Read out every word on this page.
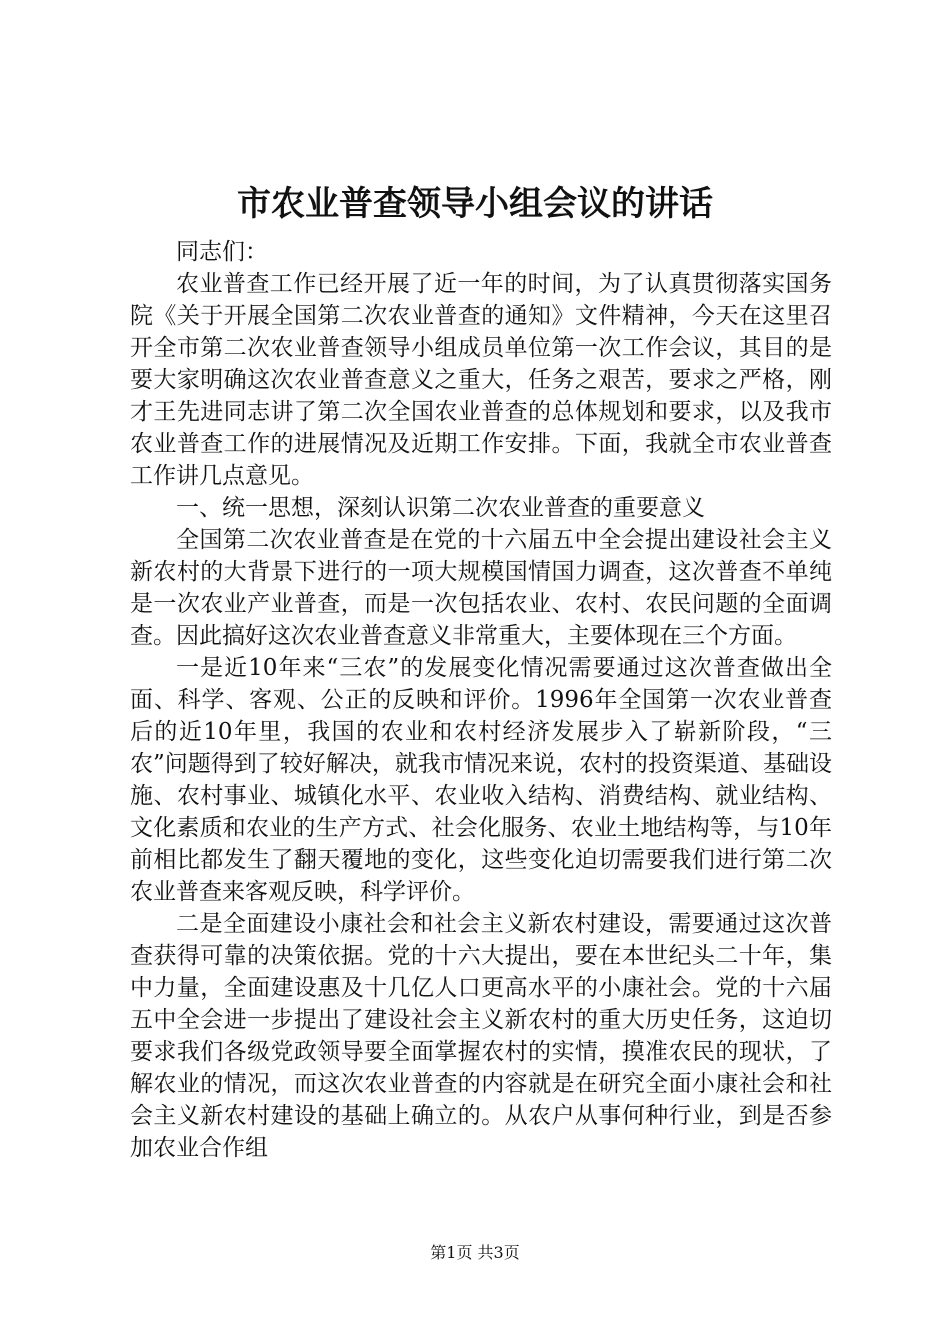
市农业普查领导小组会议的讲话

同志们：

农业普查工作已经开展了近一年的时间，为了认真贯彻落实国务院《关于开展全国第二次农业普查的通知》文件精神，今天在这里召开全市第二次农业普查领导小组成员单位第一次工作会议，其目的是要大家明确这次农业普查意义之重大，任务之艰苦，要求之严格，刚才王先进同志讲了第二次全国农业普查的总体规划和要求，以及我市农业普查工作的进展情况及近期工作安排。下面，我就全市农业普查工作讲几点意见。

一、统一思想，深刻认识第二次农业普查的重要意义

全国第二次农业普查是在党的十六届五中全会提出建设社会主义新农村的大背景下进行的一项大规模国情国力调查，这次普查不单纯是一次农业产业普查，而是一次包括农业、农村、农民问题的全面调查。因此搞好这次农业普查意义非常重大，主要体现在三个方面。

一是近10年来“三农”的发展变化情况需要通过这次普查做出全面、科学、客观、公正的反映和评价。1996年全国第一次农业普查后的近10年里，我国的农业和农村经济发展步入了崭新阶段，“三农”问题得到了较好解决，就我市情况来说，农村的投资渠道、基础设施、农村事业、城镇化水平、农业收入结构、消费结构、就业结构、文化素质和农业的生产方式、社会化服务、农业土地结构等，与10年前相比都发生了翻天覆地的变化，这些变化迫切需要我们进行第二次农业普查来客观反映，科学评价。

二是全面建设小康社会和社会主义新农村建设，需要通过这次普查获得可靠的决策依据。党的十六大提出，要在本世纪头二十年，集中力量，全面建设惠及十几亿人口更高水平的小康社会。党的十六届五中全会进一步提出了建设社会主义新农村的重大历史任务，这迫切要求我们各级党政领导要全面掌握农村的实情，摸准农民的现状，了解农业的情况，而这次农业普查的内容就是在研究全面小康社会和社会主义新农村建设的基础上确立的。从农户从事何种行业，到是否参加农业合作组

第1页 共3页
